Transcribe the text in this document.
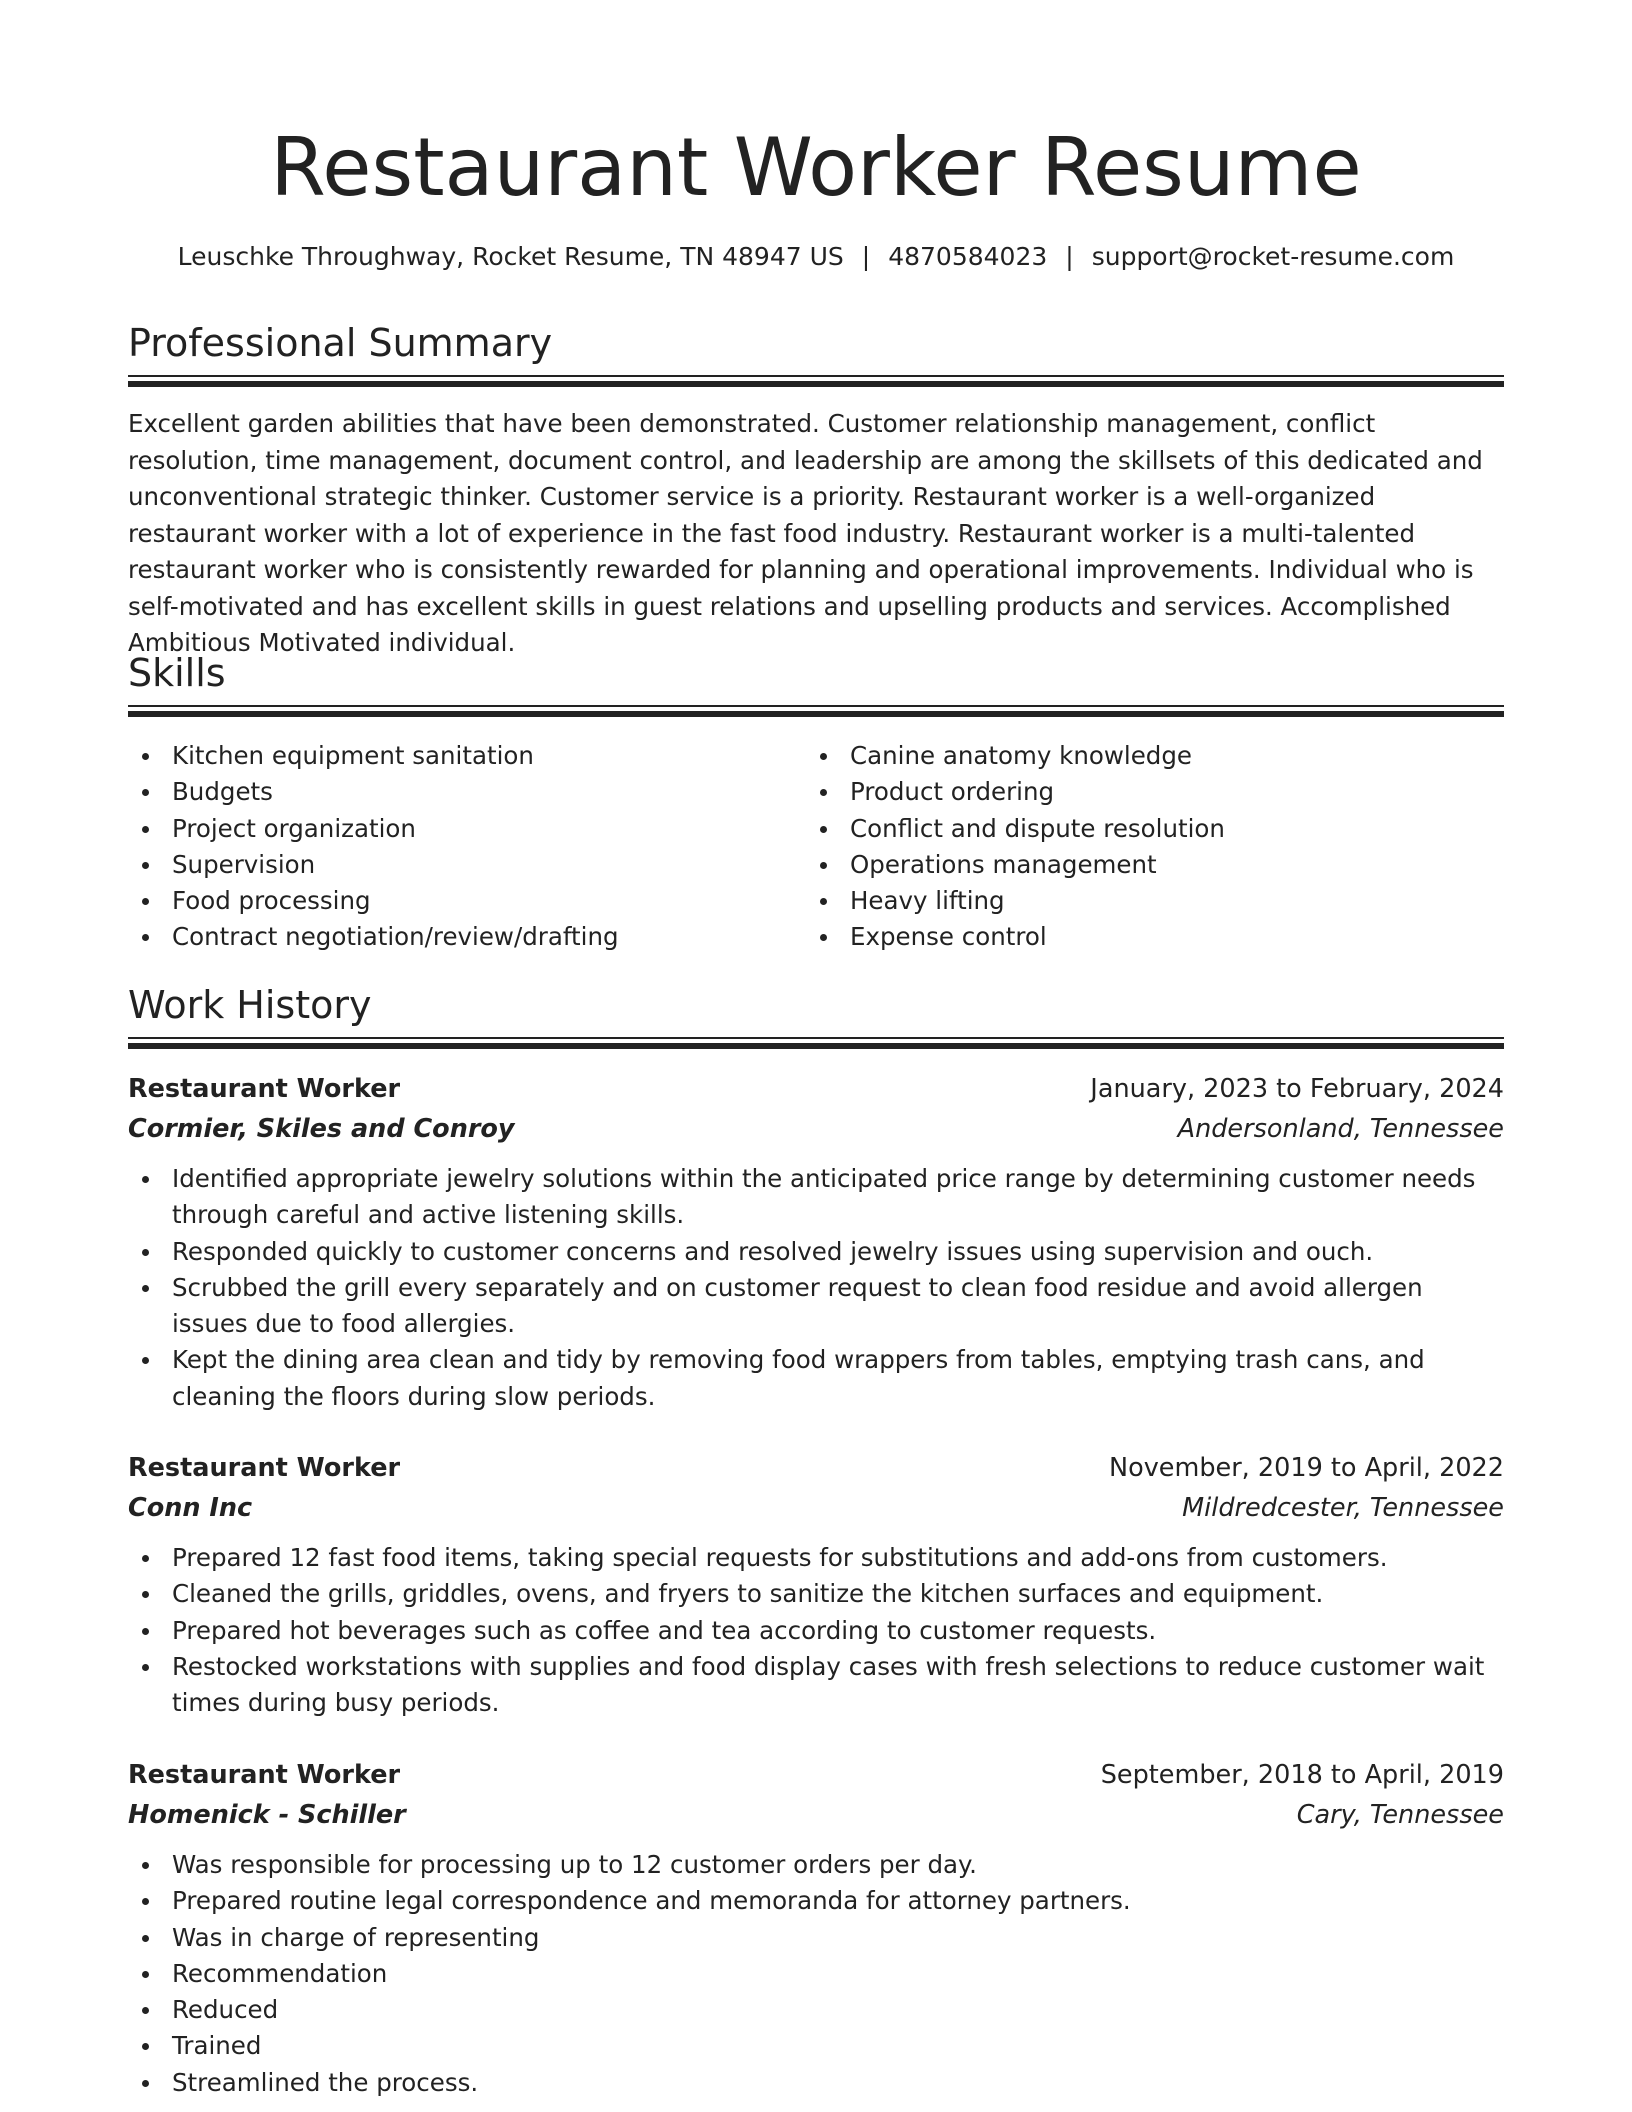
Restaurant Worker Resume
Leuschke Throughway, Rocket Resume, TN 48947 US | 4870584023 | support@rocket-resume.com
Professional Summary

Excellent garden abilities that have been demonstrated. Customer relationship management, conflict resolution, time management, document control, and leadership are among the skillsets of this dedicated and unconventional strategic thinker. Customer service is a priority. Restaurant worker is a well-organized restaurant worker with a lot of experience in the fast food industry. Restaurant worker is a multi-talented restaurant worker who is consistently rewarded for planning and operational improvements. Individual who is self-motivated and has excellent skills in guest relations and upselling products and services. Accomplished Ambitious Motivated individual.

Skills
Kitchen equipment sanitation
Budgets
Project organization
Supervision
Food processing
Contract negotiation/review/drafting
Canine anatomy knowledge
Product ordering
Conflict and dispute resolution
Operations management
Heavy lifting
Expense control
Work History
Restaurant Worker	January, 2023 to February, 2024
Cormier, Skiles and Conroy	Andersonland, Tennessee
Identified appropriate jewelry solutions within the anticipated price range by determining customer needs through careful and active listening skills.
Responded quickly to customer concerns and resolved jewelry issues using supervision and ouch.
Scrubbed the grill every separately and on customer request to clean food residue and avoid allergen issues due to food allergies.
Kept the dining area clean and tidy by removing food wrappers from tables, emptying trash cans, and cleaning the floors during slow periods.
Restaurant Worker	November, 2019 to April, 2022
Conn Inc	Mildredcester, Tennessee
Prepared 12 fast food items, taking special requests for substitutions and add-ons from customers.
Cleaned the grills, griddles, ovens, and fryers to sanitize the kitchen surfaces and equipment.
Prepared hot beverages such as coffee and tea according to customer requests.
Restocked workstations with supplies and food display cases with fresh selections to reduce customer wait times during busy periods.
Restaurant Worker	September, 2018 to April, 2019
Homenick - Schiller	Cary, Tennessee
Was responsible for processing up to 12 customer orders per day.
Prepared routine legal correspondence and memoranda for attorney partners.
Was in charge of representing
Recommendation
Reduced
Trained
Streamlined the process.
